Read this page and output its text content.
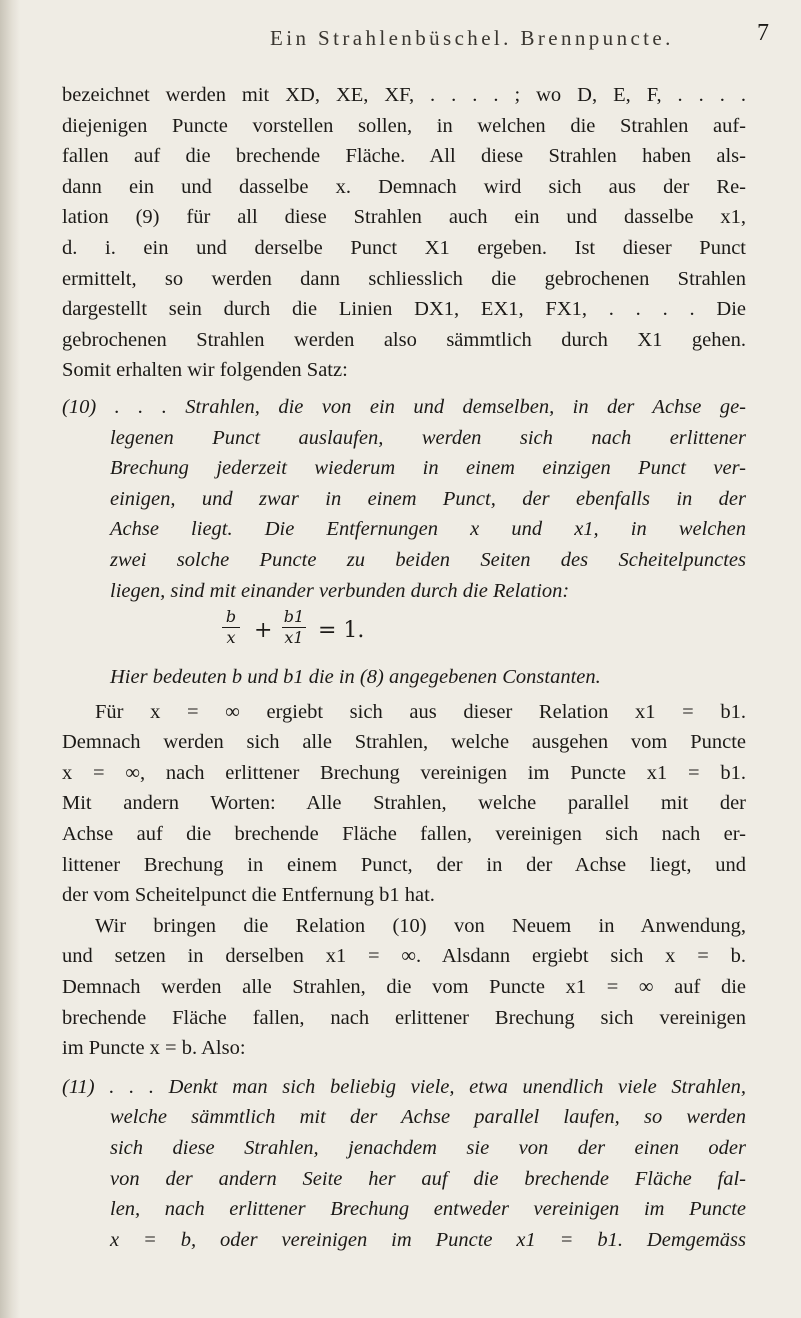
Ein Strahlenbüschel. Brennpuncte.	7
bezeichnet werden mit XD, XE, XF, . . . . ; wo D, E, F, . . . .
diejenigen Puncte vorstellen sollen, in welchen die Strahlen auf-
fallen auf die brechende Fläche. All diese Strahlen haben als-
dann ein und dasselbe x. Demnach wird sich aus der Re-
lation (9) für all diese Strahlen auch ein und dasselbe x1,
d. i. ein und derselbe Punct X1 ergeben. Ist dieser Punct
ermittelt, so werden dann schliesslich die gebrochenen Strahlen
dargestellt sein durch die Linien DX1, EX1, FX1, . . . . Die
gebrochenen Strahlen werden also sämmtlich durch X1 gehen.
Somit erhalten wir folgenden Satz:
(10) . . . Strahlen, die von ein und demselben, in der Achse ge-
legenen Punct auslaufen, werden sich nach erlittener
Brechung jederzeit wiederum in einem einzigen Punct ver-
einigen, und zwar in einem Punct, der ebenfalls in der
Achse liegt. Die Entfernungen x und x1, in welchen
zwei solche Puncte zu beiden Seiten des Scheitelpunctes
liegen, sind mit einander verbunden durch die Relation:
b
x +
b1
x1 = 1.
Hier bedeuten b und b1 die in (8) angegebenen Constanten.
Für x = ∞ ergiebt sich aus dieser Relation x1 = b1.
Demnach werden sich alle Strahlen, welche ausgehen vom Puncte
x = ∞, nach erlittener Brechung vereinigen im Puncte x1 = b1.
Mit andern Worten: Alle Strahlen, welche parallel mit der
Achse auf die brechende Fläche fallen, vereinigen sich nach er-
littener Brechung in einem Punct, der in der Achse liegt, und
der vom Scheitelpunct die Entfernung b1 hat.
Wir bringen die Relation (10) von Neuem in Anwendung,
und setzen in derselben x1 = ∞. Alsdann ergiebt sich x = b.
Demnach werden alle Strahlen, die vom Puncte x1 = ∞ auf die
brechende Fläche fallen, nach erlittener Brechung sich vereinigen
im Puncte x = b. Also:
(11) . . . Denkt man sich beliebig viele, etwa unendlich viele Strahlen,
welche sämmtlich mit der Achse parallel laufen, so werden
sich diese Strahlen, jenachdem sie von der einen oder
von der andern Seite her auf die brechende Fläche fal-
len, nach erlittener Brechung entweder vereinigen im Puncte
x = b, oder vereinigen im Puncte x1 = b1. Demgemäss
